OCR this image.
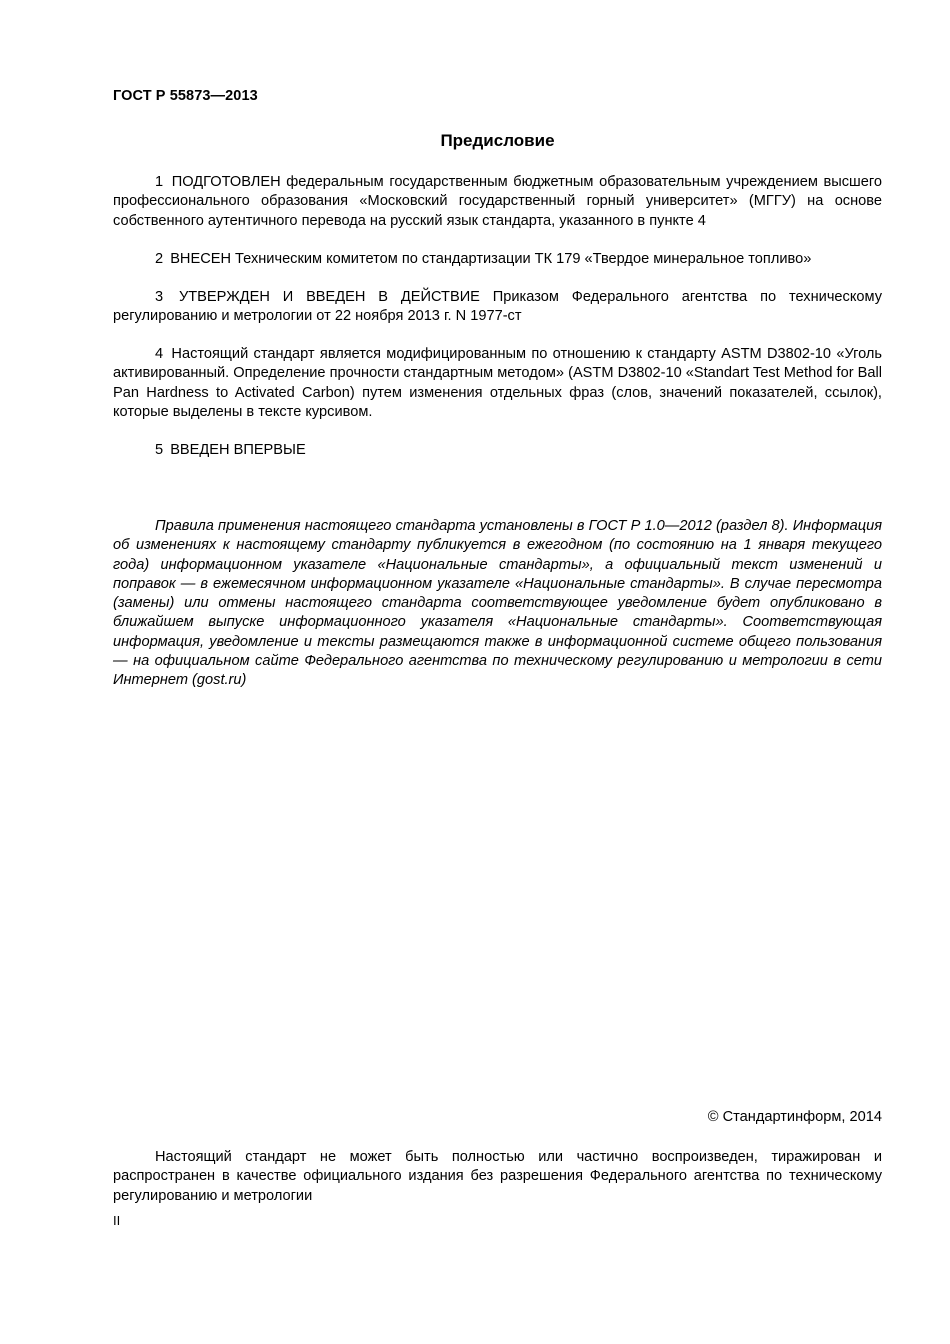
ГОСТ Р 55873—2013
Предисловие

1 ПОДГОТОВЛЕН федеральным государственным бюджетным образовательным учреждением высшего профессионального образования «Московский государственный горный университет» (МГГУ) на основе собственного аутентичного перевода на русский язык стандарта, указанного в пункте 4

2 ВНЕСЕН Техническим комитетом по стандартизации ТК 179 «Твердое минеральное топливо»

3 УТВЕРЖДЕН И ВВЕДЕН В ДЕЙСТВИЕ Приказом Федерального агентства по техническому регулированию и метрологии от 22 ноября 2013 г. N 1977-ст

4 Настоящий стандарт является модифицированным по отношению к стандарту ASTM D3802-10 «Уголь активированный. Определение прочности стандартным методом» (ASTM D3802-10 «Standart Test Method for Ball Pan Hardness to Activated Carbon) путем изменения отдельных фраз (слов, значений показателей, ссылок), которые выделены в тексте курсивом.

5 ВВЕДЕН ВПЕРВЫЕ

Правила применения настоящего стандарта установлены в ГОСТ Р 1.0—2012 (раздел 8). Информация об изменениях к настоящему стандарту публикуется в ежегодном (по состоянию на 1 января текущего года) информационном указателе «Национальные стандарты», а официальный текст изменений и поправок — в ежемесячном информационном указателе «Национальные стандарты». В случае пересмотра (замены) или отмены настоящего стандарта соответствующее уведомление будет опубликовано в ближайшем выпуске информационного указателя «Национальные стандарты». Соответствующая информация, уведомление и тексты размещаются также в информационной системе общего пользования — на официальном сайте Федерального агентства по техническому регулированию и метрологии в сети Интернет (gost.ru)

© Стандартинформ, 2014

Настоящий стандарт не может быть полностью или частично воспроизведен, тиражирован и распространен в качестве официального издания без разрешения Федерального агентства по техническому регулированию и метрологии

II
